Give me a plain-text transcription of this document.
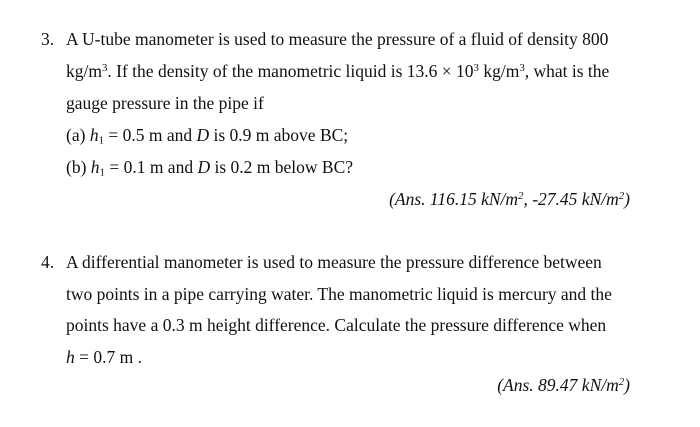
3. A U-tube manometer is used to measure the pressure of a fluid of density 800
$kg/m^3$. If the density of the manometric liquid is $13.6 \times 10^3$ $kg/m^3$, what is the
gauge pressure in the pipe if
(a) $h_1 = 0.5$ m and D is 0.9 m above BC;
(b) $h_1 = 0.1$ m and D is 0.2 m below BC?
(Ans. 116.15 $kN/m^2$, -27.45 $kN/m^2$)
4. A differential manometer is used to measure the pressure difference between
two points in a pipe carrying water. The manometric liquid is mercury and the
points have a 0.3 m height difference. Calculate the pressure difference when
h = 0.7 m .
(Ans. 89.47 $kN/m^2$)
